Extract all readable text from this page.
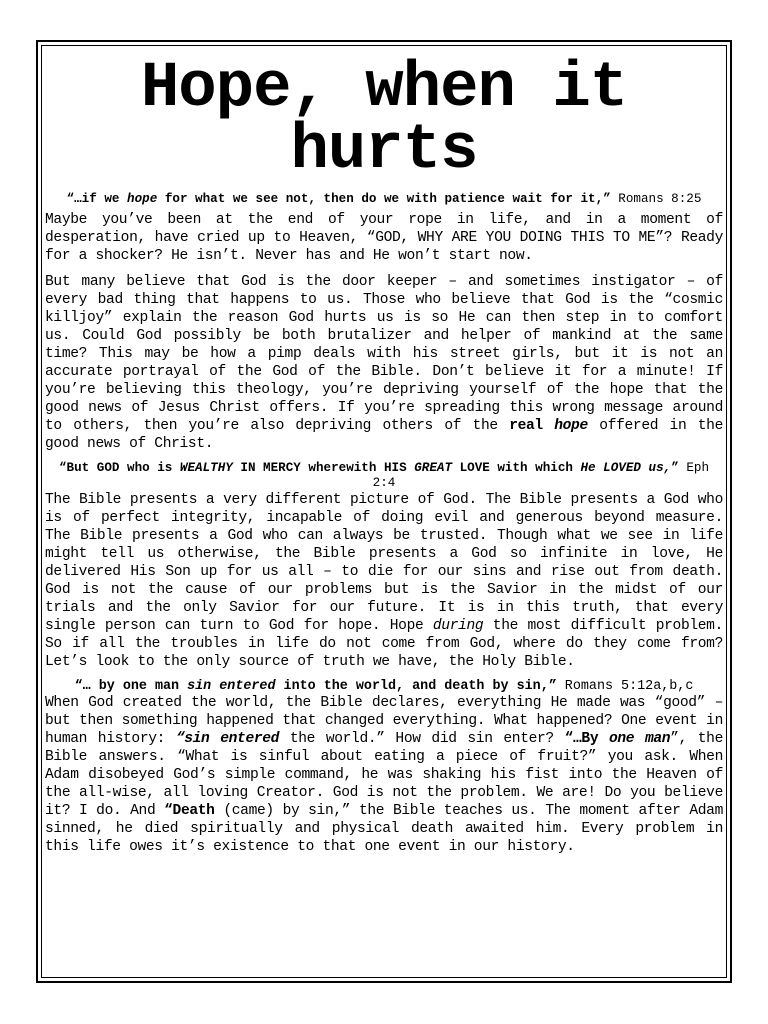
Hope, when it hurts

“…if we hope for what we see not, then do we with patience wait for it,” Romans 8:25

Maybe you’ve been at the end of your rope in life, and in a moment of desperation, have cried up to Heaven, “GOD, WHY ARE YOU DOING THIS TO ME”? Ready for a shocker? He isn’t. Never has and He won’t start now.

But many believe that God is the door keeper – and sometimes instigator – of every bad thing that happens to us. Those who believe that God is the “cosmic killjoy” explain the reason God hurts us is so He can then step in to comfort us. Could God possibly be both brutalizer and helper of mankind at the same time? This may be how a pimp deals with his street girls, but it is not an accurate portrayal of the God of the Bible. Don’t believe it for a minute! If you’re believing this theology, you’re depriving yourself of the hope that the good news of Jesus Christ offers. If you’re spreading this wrong message around to others, then you’re also depriving others of the real hope offered in the good news of Christ.

“But GOD who is WEALTHY IN MERCY wherewith HIS GREAT LOVE with which He LOVED us,” Eph 2:4

The Bible presents a very different picture of God. The Bible presents a God who is of perfect integrity, incapable of doing evil and generous beyond measure. The Bible presents a God who can always be trusted. Though what we see in life might tell us otherwise, the Bible presents a God so infinite in love, He delivered His Son up for us all – to die for our sins and rise out from death. God is not the cause of our problems but is the Savior in the midst of our trials and the only Savior for our future. It is in this truth, that every single person can turn to God for hope. Hope during the most difficult problem. So if all the troubles in life do not come from God, where do they come from? Let’s look to the only source of truth we have, the Holy Bible.

“… by one man sin entered into the world, and death by sin,” Romans 5:12a,b,c

When God created the world, the Bible declares, everything He made was “good” – but then something happened that changed everything. What happened? One event in human history: “sin entered the world.” How did sin enter? “…By one man”, the Bible answers. “What is sinful about eating a piece of fruit?” you ask. When Adam disobeyed God’s simple command, he was shaking his fist into the Heaven of the all-wise, all loving Creator. God is not the problem. We are! Do you believe it? I do. And “Death (came) by sin,” the Bible teaches us. The moment after Adam sinned, he died spiritually and physical death awaited him. Every problem in this life owes it’s existence to that one event in our history.
